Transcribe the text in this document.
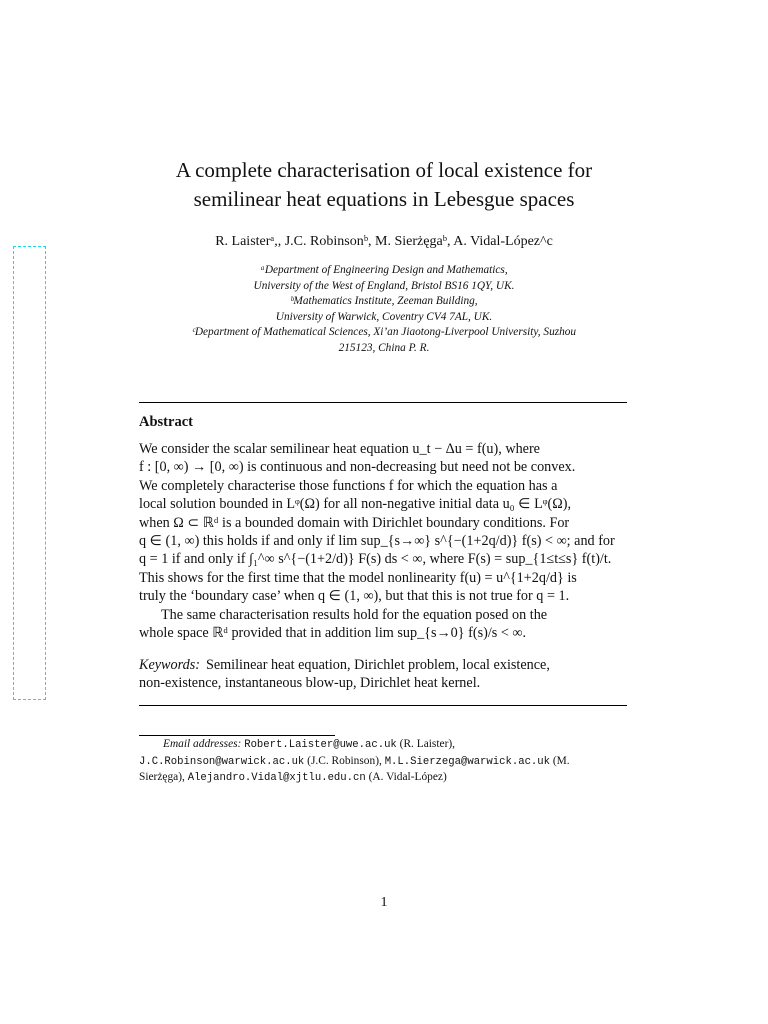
A complete characterisation of local existence for
semilinear heat equations in Lebesgue spaces
R. Laisterᵃ,, J.C. Robinsonᵇ, M. Sierżęgaᵇ, A. Vidal-López^c
ᵃDepartment of Engineering Design and Mathematics,
University of the West of England, Bristol BS16 1QY, UK.
ᵇMathematics Institute, Zeeman Building,
University of Warwick, Coventry CV4 7AL, UK.
ᶜDepartment of Mathematical Sciences, Xi’an Jiaotong-Liverpool University, Suzhou
215123, China P. R.
Abstract
We consider the scalar semilinear heat equation u_t − Δu = f(u), where
f : [0, ∞) → [0, ∞) is continuous and non-decreasing but need not be convex.
We completely characterise those functions f for which the equation has a
local solution bounded in Lᵠ(Ω) for all non-negative initial data u₀ ∈ Lᵠ(Ω),
when Ω ⊂ ℝᵈ is a bounded domain with Dirichlet boundary conditions. For
q ∈ (1, ∞) this holds if and only if lim sup_{s→∞} s^{−(1+2q/d)} f(s) < ∞; and for
q = 1 if and only if ∫₁^∞ s^{−(1+2/d)} F(s) ds < ∞, where F(s) = sup_{1≤t≤s} f(t)/t.
This shows for the first time that the model nonlinearity f(u) = u^{1+2q/d} is
truly the ‘boundary case’ when q ∈ (1, ∞), but that this is not true for q = 1.
The same characterisation results hold for the equation posed on the
whole space ℝᵈ provided that in addition lim sup_{s→0} f(s)/s < ∞.
Keywords: Semilinear heat equation, Dirichlet problem, local existence,
non-existence, instantaneous blow-up, Dirichlet heat kernel.
Email addresses: Robert.Laister@uwe.ac.uk (R. Laister),
J.C.Robinson@warwick.ac.uk (J.C. Robinson), M.L.Sierzega@warwick.ac.uk (M.
Sierżęga), Alejandro.Vidal@xjtlu.edu.cn (A. Vidal-López)
1
